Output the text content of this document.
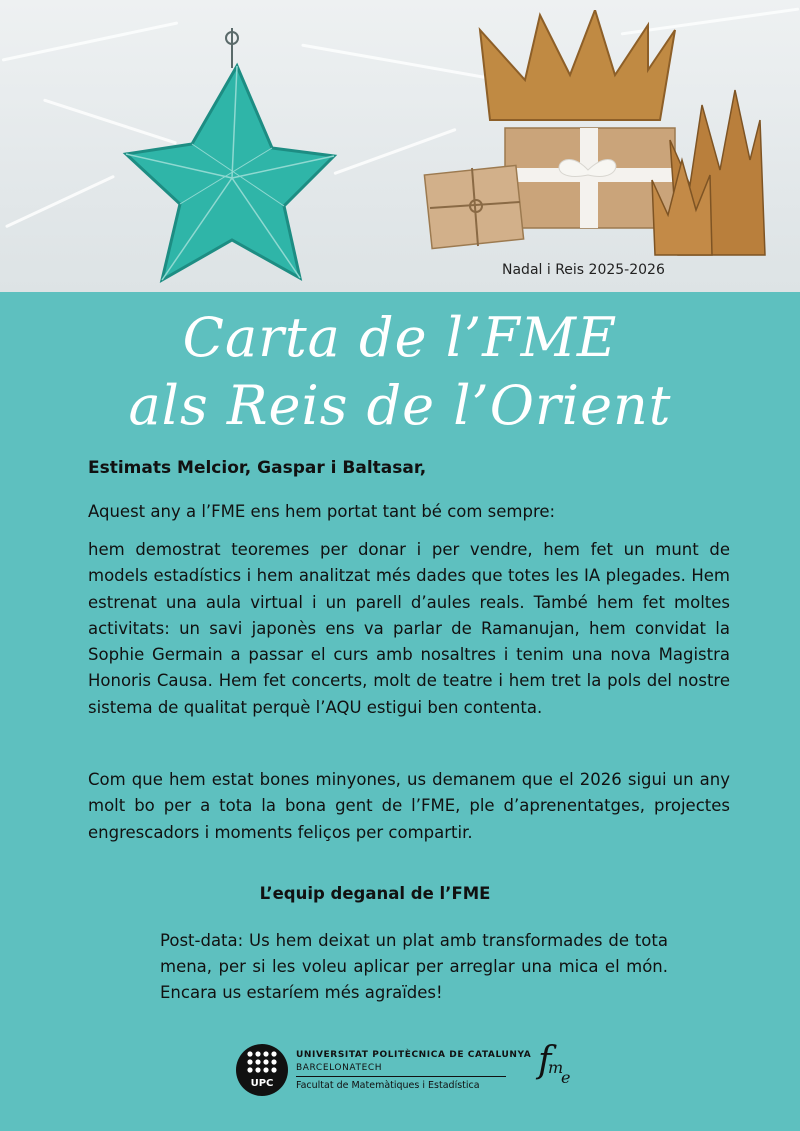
Nadal i Reis 2025-2026
Carta de l’FME
als Reis de l’Orient
Estimats Melcior, Gaspar i Baltasar,
Aquest any a l’FME ens hem portat tant bé com sempre:
hem demostrat teoremes per donar i per vendre, hem fet un munt de models estadístics i hem analitzat més dades que totes les IA plegades. Hem estrenat una aula virtual i un parell d’aules reals. També hem fet moltes activitats: un savi japonès ens va parlar de Ramanujan, hem convidat la Sophie Germain a passar el curs amb nosaltres i tenim una nova Magistra Honoris Causa. Hem fet concerts, molt de teatre i hem tret la pols del nostre sistema de qualitat perquè l’AQU estigui ben contenta.
Com que hem estat bones minyones, us demanem que el 2026 sigui un any molt bo per a tota la bona gent de l’FME, ple d’aprenentatges, projectes engrescadors i moments feliços per compartir.
L’equip deganal de l’FME
Post-data: Us hem deixat un plat amb transformades de tota mena, per si les voleu aplicar per arreglar una mica el món. Encara us estaríem més agraïdes!
UPC
UNIVERSITAT POLITÈCNICA DE CATALUNYA
BARCELONATECH
Facultat de Matemàtiques i Estadística
f
m
e
